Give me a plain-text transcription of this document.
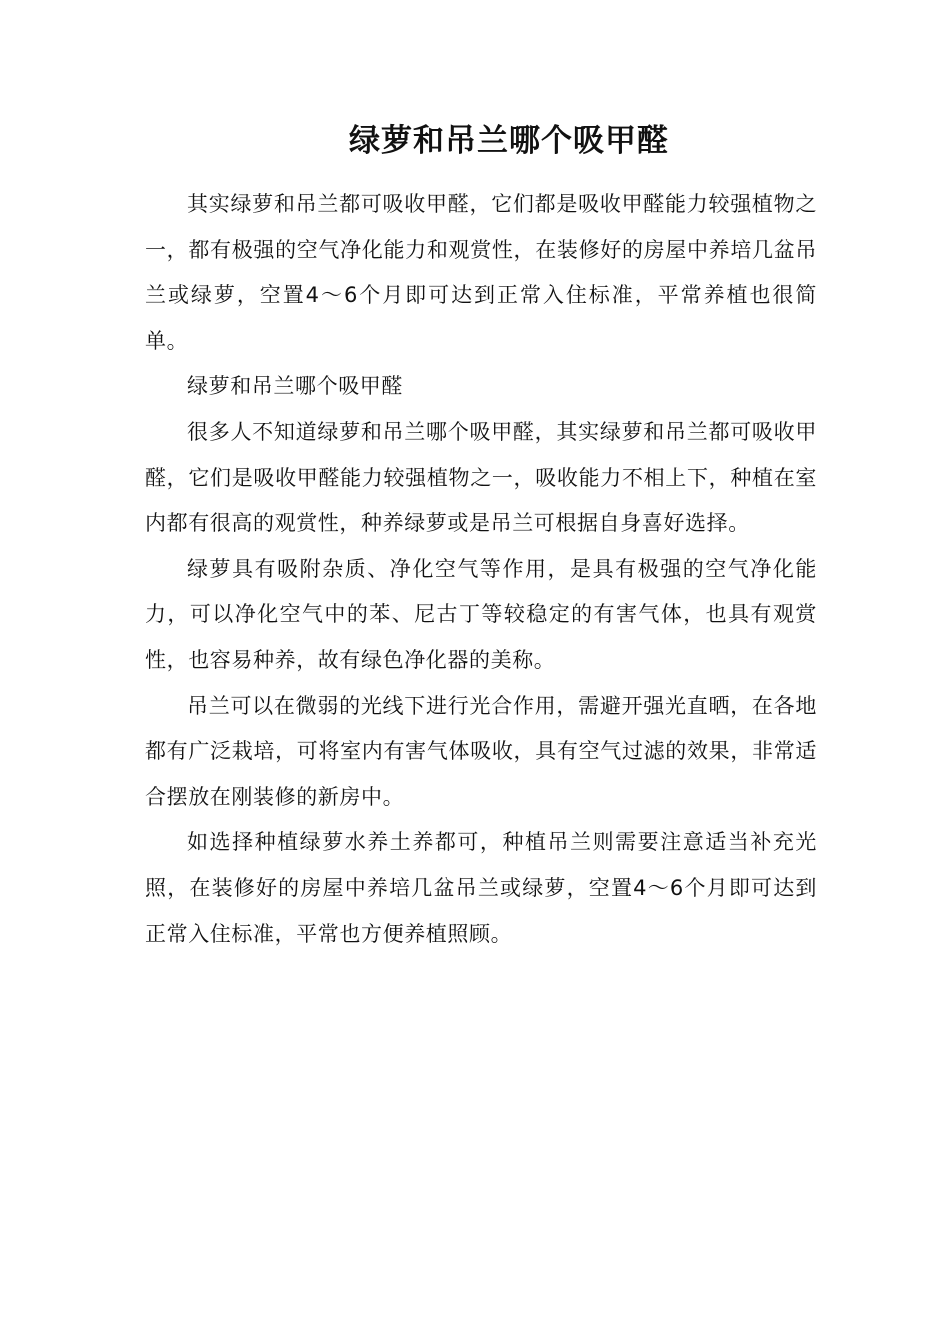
绿萝和吊兰哪个吸甲醛

其实绿萝和吊兰都可吸收甲醛，它们都是吸收甲醛能力较强植物之一，都有极强的空气净化能力和观赏性，在装修好的房屋中养培几盆吊兰或绿萝，空置4～6个月即可达到正常入住标准，平常养植也很简单。

绿萝和吊兰哪个吸甲醛

很多人不知道绿萝和吊兰哪个吸甲醛，其实绿萝和吊兰都可吸收甲醛，它们是吸收甲醛能力较强植物之一，吸收能力不相上下，种植在室内都有很高的观赏性，种养绿萝或是吊兰可根据自身喜好选择。

绿萝具有吸附杂质、净化空气等作用，是具有极强的空气净化能力，可以净化空气中的苯、尼古丁等较稳定的有害气体，也具有观赏性，也容易种养，故有绿色净化器的美称。

吊兰可以在微弱的光线下进行光合作用，需避开强光直晒，在各地都有广泛栽培，可将室内有害气体吸收，具有空气过滤的效果，非常适合摆放在刚装修的新房中。

如选择种植绿萝水养土养都可，种植吊兰则需要注意适当补充光照，在装修好的房屋中养培几盆吊兰或绿萝，空置4～6个月即可达到正常入住标准，平常也方便养植照顾。
